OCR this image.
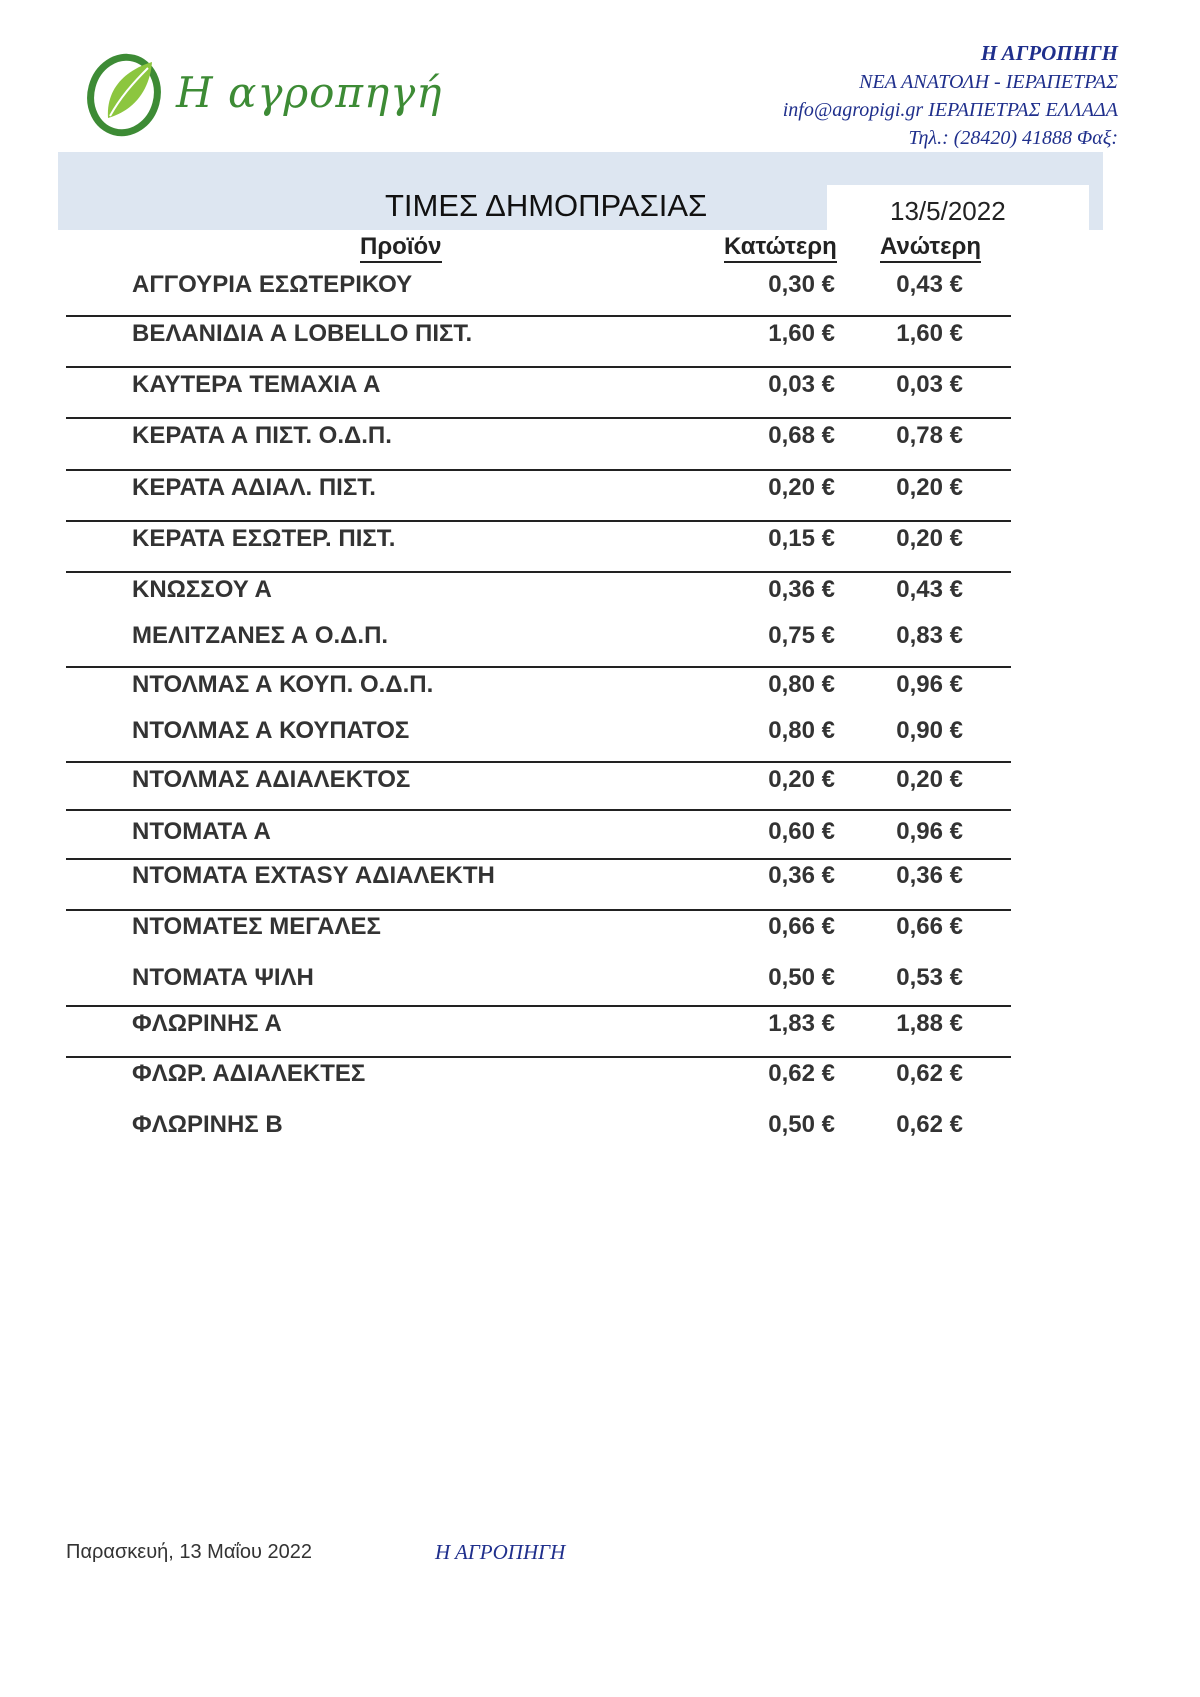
Η αγροπηγή
Η ΑΓΡΟΠΗΓΗ
ΝΕΑ ΑΝΑΤΟΛΗ - ΙΕΡΑΠΕΤΡΑΣ
info@agropigi.gr ΙΕΡΑΠΕΤΡΑΣ ΕΛΛΑΔΑ
Τηλ.: (28420) 41888 Φαξ:
ΤΙΜΕΣ ΔΗΜΟΠΡΑΣΙΑΣ	13/5/2022
Προϊόν	Κατώτερη Ανώτερη
ΑΓΓΟΥΡΙΑ ΕΣΩΤΕΡΙΚΟΥ	0,30 €	0,43 €
ΒΕΛΑΝΙΔΙΑ Α LOBELLO ΠΙΣΤ.	1,60 €	1,60 €
ΚΑΥΤΕΡΑ ΤΕΜΑΧΙΑ Α	0,03 €	0,03 €
ΚΕΡΑΤΑ Α ΠΙΣΤ. Ο.Δ.Π.	0,68 €	0,78 €
ΚΕΡΑΤΑ ΑΔΙΑΛ. ΠΙΣΤ.	0,20 €	0,20 €
ΚΕΡΑΤΑ ΕΣΩΤΕΡ. ΠΙΣΤ.	0,15 €	0,20 €
ΚΝΩΣΣΟΥ Α	0,36 €	0,43 €
ΜΕΛΙΤΖΑΝΕΣ Α Ο.Δ.Π.	0,75 €	0,83 €
ΝΤΟΛΜΑΣ Α ΚΟΥΠ. Ο.Δ.Π.	0,80 €	0,96 €
ΝΤΟΛΜΑΣ Α ΚΟΥΠΑΤΟΣ	0,80 €	0,90 €
ΝΤΟΛΜΑΣ ΑΔΙΑΛΕΚΤΟΣ	0,20 €	0,20 €
ΝΤΟΜΑΤΑ Α	0,60 €	0,96 €
ΝΤΟΜΑΤΑ EXTASY ΑΔΙΑΛΕΚΤΗ	0,36 €	0,36 €
ΝΤΟΜΑΤΕΣ ΜΕΓΑΛΕΣ	0,66 €	0,66 €
ΝΤΟΜΑΤΑ ΨΙΛΗ	0,50 €	0,53 €
ΦΛΩΡΙΝΗΣ Α	1,83 €	1,88 €
ΦΛΩΡ. ΑΔΙΑΛΕΚΤΕΣ	0,62 €	0,62 €
ΦΛΩΡΙΝΗΣ Β	0,50 €	0,62 €
Παρασκευή, 13 Μαΐου 2022	Η ΑΓΡΟΠΗΓΗ
